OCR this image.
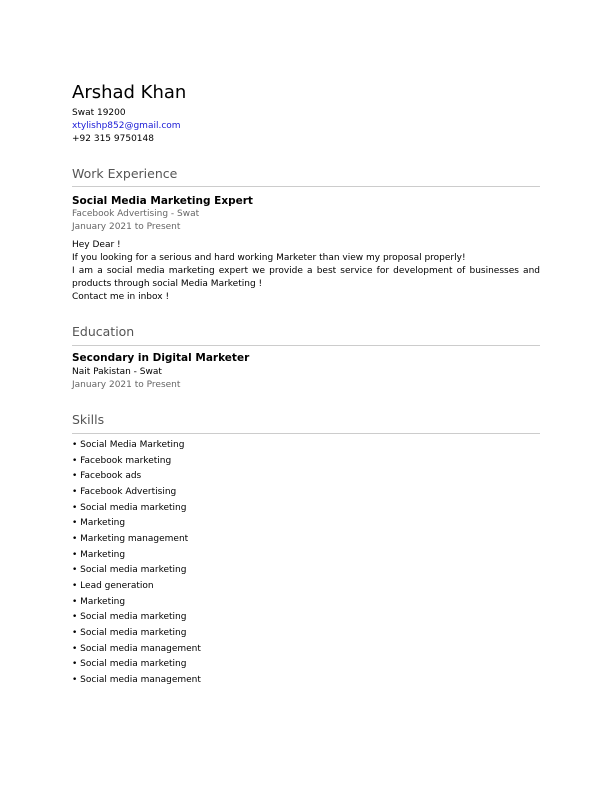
Arshad Khan
Swat 19200
xtylishp852@gmail.com
+92 315 9750148
Work Experience
Social Media Marketing Expert
Facebook Advertising - Swat
January 2021 to Present
Hey Dear !
If you looking for a serious and hard working Marketer than view my proposal properly!
I am a social media marketing expert we provide a best service for development of businesses and products through social Media Marketing !
Contact me in inbox !
Education
Secondary in Digital Marketer
Nait Pakistan - Swat
January 2021 to Present
Skills
• Social Media Marketing
• Facebook marketing
• Facebook ads
• Facebook Advertising
• Social media marketing
• Marketing
• Marketing management
• Marketing
• Social media marketing
• Lead generation
• Marketing
• Social media marketing
• Social media marketing
• Social media management
• Social media marketing
• Social media management
